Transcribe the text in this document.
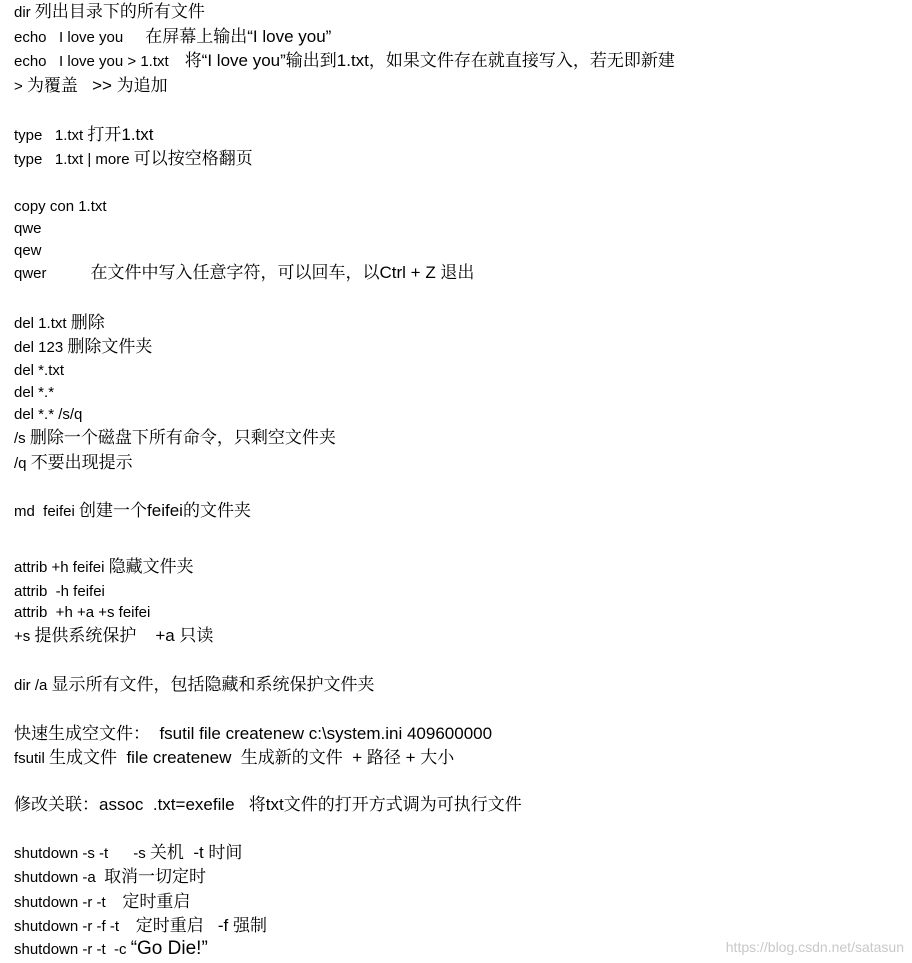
dir 列出目录下的所有文件
echo   I love you 在屏幕上输出“I love you”
echo   I love you > 1.txt 将“I love you”输出到1.txt，如果文件存在就直接写入，若无即新建
> 为覆盖   >> 为追加
type   1.txt 打开1.txt
type   1.txt | more 可以按空格翻页
copy con 1.txt
qwe
qew
qwer	在文件中写入任意字符，可以回车，以Ctrl + Z 退出
del 1.txt 删除
del 123 删除文件夹
del *.txt
del *.*
del *.* /s/q
/s 删除一个磁盘下所有命令，只剩空文件夹
/q 不要出现提示
md  feifei 创建一个feifei的文件夹
attrib +h feifei 隐藏文件夹
attrib  -h feifei
attrib  +h +a +s feifei
+s 提供系统保护    +a 只读
dir /a 显示所有文件，包括隐藏和系统保护文件夹
快速生成空文件：  fsutil file createnew c:\system.ini 409600000
fsutil 生成文件  file createnew  生成新的文件  + 路径 + 大小
修改关联：assoc  .txt=exefile   将txt文件的打开方式调为可执行文件
shutdown -s -t      -s 关机  -t 时间
shutdown -a  取消一切定时
shutdown -r -t    定时重启
shutdown -r -f -t    定时重启   -f 强制
shutdown -r -t  -c “Go Die!”	https://blog.csdn.net/satasun
